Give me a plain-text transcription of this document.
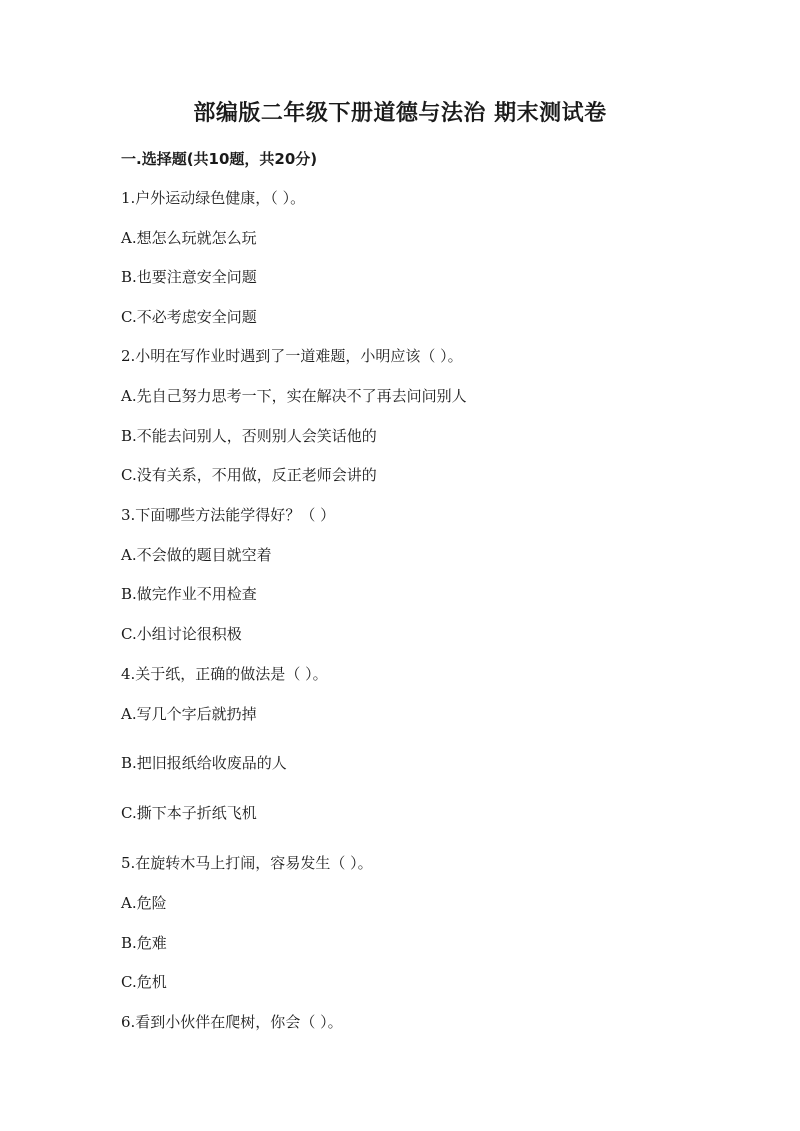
部编版二年级下册道德与法治 期末测试卷
一.选择题(共10题，共20分)
1.户外运动绿色健康，（ ）。
A.想怎么玩就怎么玩
B.也要注意安全问题
C.不必考虑安全问题
2.小明在写作业时遇到了一道难题，小明应该（ ）。
A.先自己努力思考一下，实在解决不了再去问问别人
B.不能去问别人，否则别人会笑话他的
C.没有关系，不用做，反正老师会讲的
3.下面哪些方法能学得好？（ ）
A.不会做的题目就空着
B.做完作业不用检查
C.小组讨论很积极
4.关于纸，正确的做法是（ ）。
A.写几个字后就扔掉
B.把旧报纸给收废品的人
C.撕下本子折纸飞机
5.在旋转木马上打闹，容易发生（ ）。
A.危险
B.危难
C.危机
6.看到小伙伴在爬树，你会（ ）。
